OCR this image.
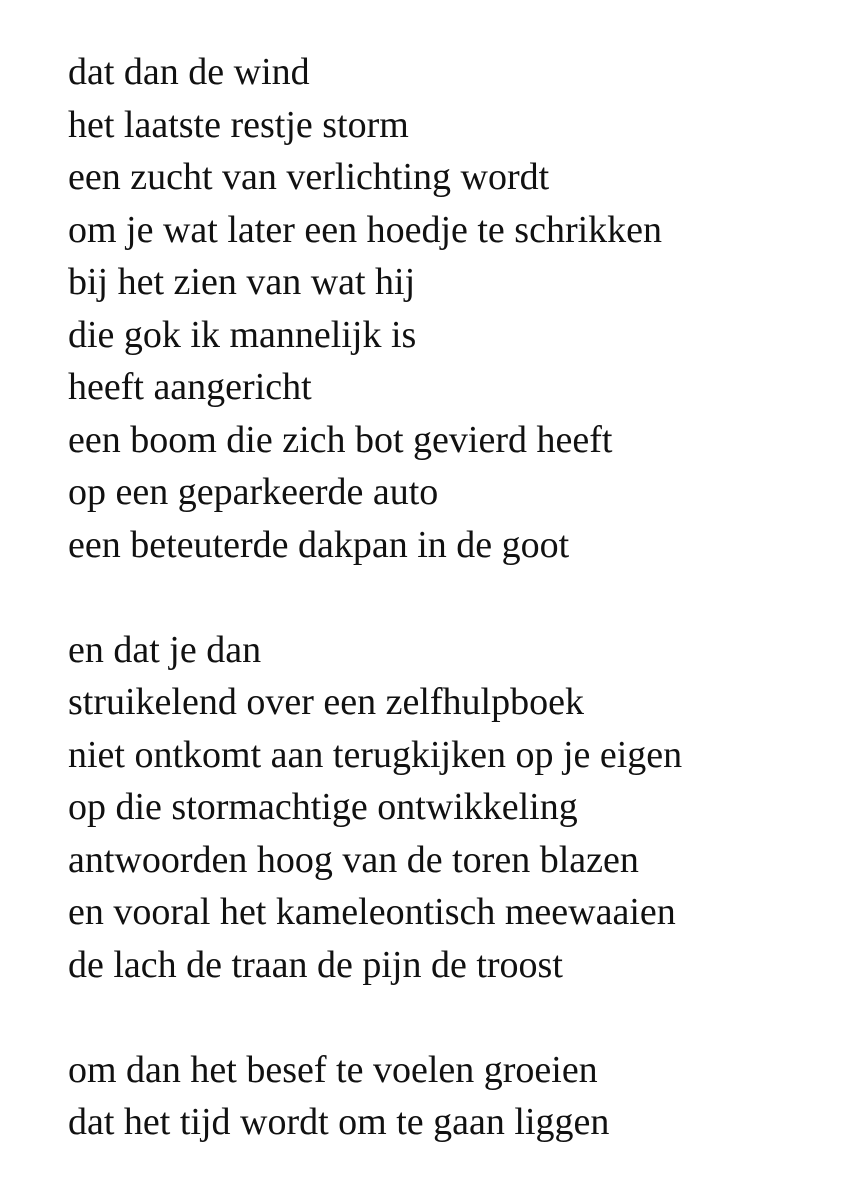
dat dan de wind
het laatste restje storm
een zucht van verlichting wordt
om je wat later een hoedje te schrikken
bij het zien van wat hij
die gok ik mannelijk is
heeft aangericht
een boom die zich bot gevierd heeft
op een geparkeerde auto
een beteuterde dakpan in de goot
en dat je dan
struikelend over een zelfhulpboek
niet ontkomt aan terugkijken op je eigen
op die stormachtige ontwikkeling
antwoorden hoog van de toren blazen
en vooral het kameleontisch meewaaien
de lach de traan de pijn de troost
om dan het besef te voelen groeien
dat het tijd wordt om te gaan liggen
